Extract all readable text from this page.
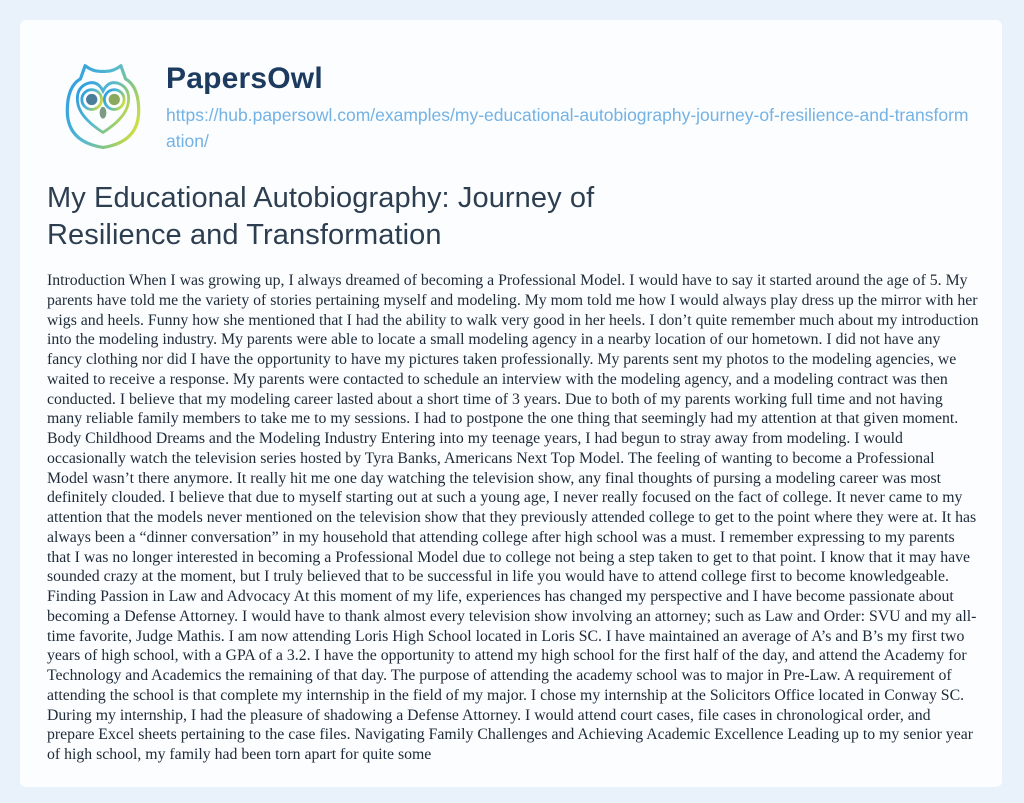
PapersOwl
https://hub.papersowl.com/examples/my-educational-autobiography-journey-of-resilience-and-transformation/
My Educational Autobiography: Journey of Resilience and Transformation
Introduction When I was growing up, I always dreamed of becoming a Professional Model. I would have to say it started around the age of 5. My parents have told me the variety of stories pertaining myself and modeling. My mom told me how I would always play dress up the mirror with her wigs and heels. Funny how she mentioned that I had the ability to walk very good in her heels. I don’t quite remember much about my introduction into the modeling industry. My parents were able to locate a small modeling agency in a nearby location of our hometown. I did not have any fancy clothing nor did I have the opportunity to have my pictures taken professionally. My parents sent my photos to the modeling agencies, we waited to receive a response. My parents were contacted to schedule an interview with the modeling agency, and a modeling contract was then conducted. I believe that my modeling career lasted about a short time of 3 years. Due to both of my parents working full time and not having many reliable family members to take me to my sessions. I had to postpone the one thing that seemingly had my attention at that given moment. Body Childhood Dreams and the Modeling Industry Entering into my teenage years, I had begun to stray away from modeling. I would occasionally watch the television series hosted by Tyra Banks, Americans Next Top Model. The feeling of wanting to become a Professional Model wasn’t there anymore. It really hit me one day watching the television show, any final thoughts of pursing a modeling career was most definitely clouded. I believe that due to myself starting out at such a young age, I never really focused on the fact of college. It never came to my attention that the models never mentioned on the television show that they previously attended college to get to the point where they were at. It has always been a “dinner conversation” in my household that attending college after high school was a must. I remember expressing to my parents that I was no longer interested in becoming a Professional Model due to college not being a step taken to get to that point. I know that it may have sounded crazy at the moment, but I truly believed that to be successful in life you would have to attend college first to become knowledgeable. Finding Passion in Law and Advocacy At this moment of my life, experiences has changed my perspective and I have become passionate about becoming a Defense Attorney. I would have to thank almost every television show involving an attorney; such as Law and Order: SVU and my all-time favorite, Judge Mathis. I am now attending Loris High School located in Loris SC. I have maintained an average of A’s and B’s my first two years of high school, with a GPA of a 3.2. I have the opportunity to attend my high school for the first half of the day, and attend the Academy for Technology and Academics the remaining of that day. The purpose of attending the academy school was to major in Pre-Law. A requirement of attending the school is that complete my internship in the field of my major. I chose my internship at the Solicitors Office located in Conway SC. During my internship, I had the pleasure of shadowing a Defense Attorney. I would attend court cases, file cases in chronological order, and prepare Excel sheets pertaining to the case files. Navigating Family Challenges and Achieving Academic Excellence Leading up to my senior year of high school, my family had been torn apart for quite some
